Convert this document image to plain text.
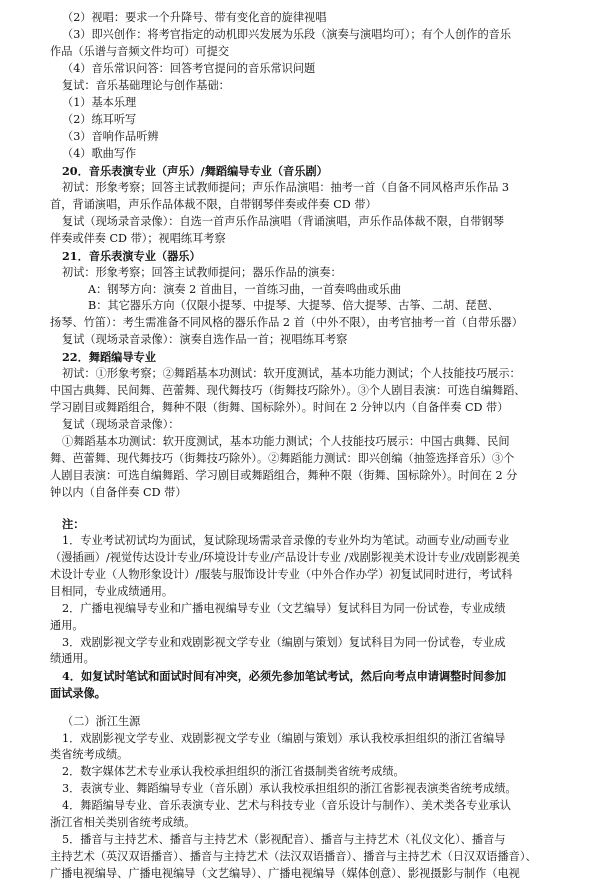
（2）视唱：要求一个升降号、带有变化音的旋律视唱
（3）即兴创作：将考官指定的动机即兴发展为乐段（演奏与演唱均可）；有个人创作的音乐
作品（乐谱与音频文件均可）可提交
（4）音乐常识问答：回答考官提问的音乐常识问题
复试：音乐基础理论与创作基础：
（1）基本乐理
（2）练耳听写
（3）音响作品听辨
（4）歌曲写作
20．音乐表演专业（声乐）/舞蹈编导专业（音乐剧）
初试：形象考察；回答主试教师提问；声乐作品演唱：抽考一首（自备不同风格声乐作品 3
首，背诵演唱，声乐作品体裁不限，自带钢琴伴奏或伴奏 CD 带）
复试（现场录音录像）：自选一首声乐作品演唱（背诵演唱，声乐作品体裁不限，自带钢琴
伴奏或伴奏 CD 带）；视唱练耳考察
21．音乐表演专业（器乐）
初试：形象考察；回答主试教师提问；器乐作品的演奏：
A：钢琴方向：演奏 2 首曲目，一首练习曲，一首奏鸣曲或乐曲
B：其它器乐方向（仅限小提琴、中提琴、大提琴、倍大提琴、古筝、二胡、琵琶、
扬琴、竹笛）：考生需准备不同风格的器乐作品 2 首（中外不限），由考官抽考一首（自带乐器）
复试（现场录音录像）：演奏自选作品一首；视唱练耳考察
22．舞蹈编导专业
初试：①形象考察；②舞蹈基本功测试：软开度测试，基本功能力测试；个人技能技巧展示：
中国古典舞、民间舞、芭蕾舞、现代舞技巧（街舞技巧除外）。③个人剧目表演：可选自编舞蹈、
学习剧目或舞蹈组合，舞种不限（街舞、国标除外）。时间在 2 分钟以内（自备伴奏 CD 带）
复试（现场录音录像）：
①舞蹈基本功测试：软开度测试，基本功能力测试；个人技能技巧展示：中国古典舞、民间
舞、芭蕾舞、现代舞技巧（街舞技巧除外）。②舞蹈能力测试：即兴创编（抽签选择音乐）③个
人剧目表演：可选自编舞蹈、学习剧目或舞蹈组合，舞种不限（街舞、国标除外）。时间在 2 分
钟以内（自备伴奏 CD 带）
注：
1．专业考试初试均为面试，复试除现场需录音录像的专业外均为笔试。动画专业/动画专业
（漫插画）/视觉传达设计专业/环境设计专业/产品设计专业 /戏剧影视美术设计专业/戏剧影视美
术设计专业（人物形象设计）/服装与服饰设计专业（中外合作办学）初复试同时进行，考试科
目相同，专业成绩通用。
2．广播电视编导专业和广播电视编导专业（文艺编导）复试科目为同一份试卷，专业成绩
通用。
3．戏剧影视文学专业和戏剧影视文学专业（编剧与策划）复试科目为同一份试卷，专业成
绩通用。
4．如复试时笔试和面试时间有冲突，必须先参加笔试考试，然后向考点申请调整时间参加
面试录像。
（二）浙江生源
1．戏剧影视文学专业、戏剧影视文学专业（编剧与策划）承认我校承担组织的浙江省编导
类省统考成绩。
2．数字媒体艺术专业承认我校承担组织的浙江省摄制类省统考成绩。
3．表演专业、舞蹈编导专业（音乐剧）承认我校承担组织的浙江省影视表演类省统考成绩。
4．舞蹈编导专业、音乐表演专业、艺术与科技专业（音乐设计与制作）、美术类各专业承认
浙江省相关类别省统考成绩。
5．播音与主持艺术、播音与主持艺术（影视配音）、播音与主持艺术（礼仪文化）、播音与
主持艺术（英汉双语播音）、播音与主持艺术（法汉双语播音）、播音与主持艺术（日汉双语播音）、
广播电视编导、广播电视编导（文艺编导）、广播电视编导（媒体创意）、影视摄影与制作（电视
